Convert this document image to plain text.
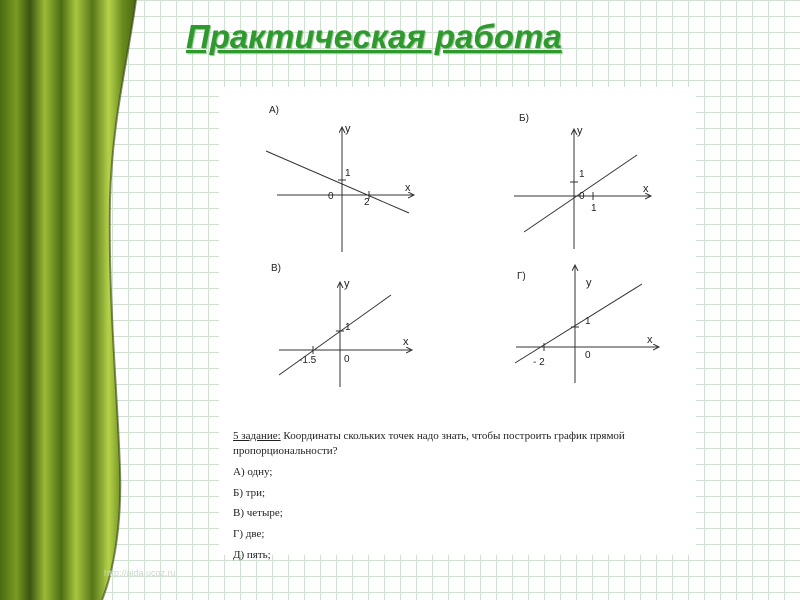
Практическая работа
А)
у
х
0
1
2
Б)
у
х
0
1
1
В)
у
х
0
1
-1.5
Г)
у
х
0
1
- 2

5 задание: Координаты скольких точек надо знать, чтобы построить график прямой пропорциональности?

А) одну;

Б) три;

В) четыре;

Г) две;

Д) пять;

http://aida.ucoz.ru
